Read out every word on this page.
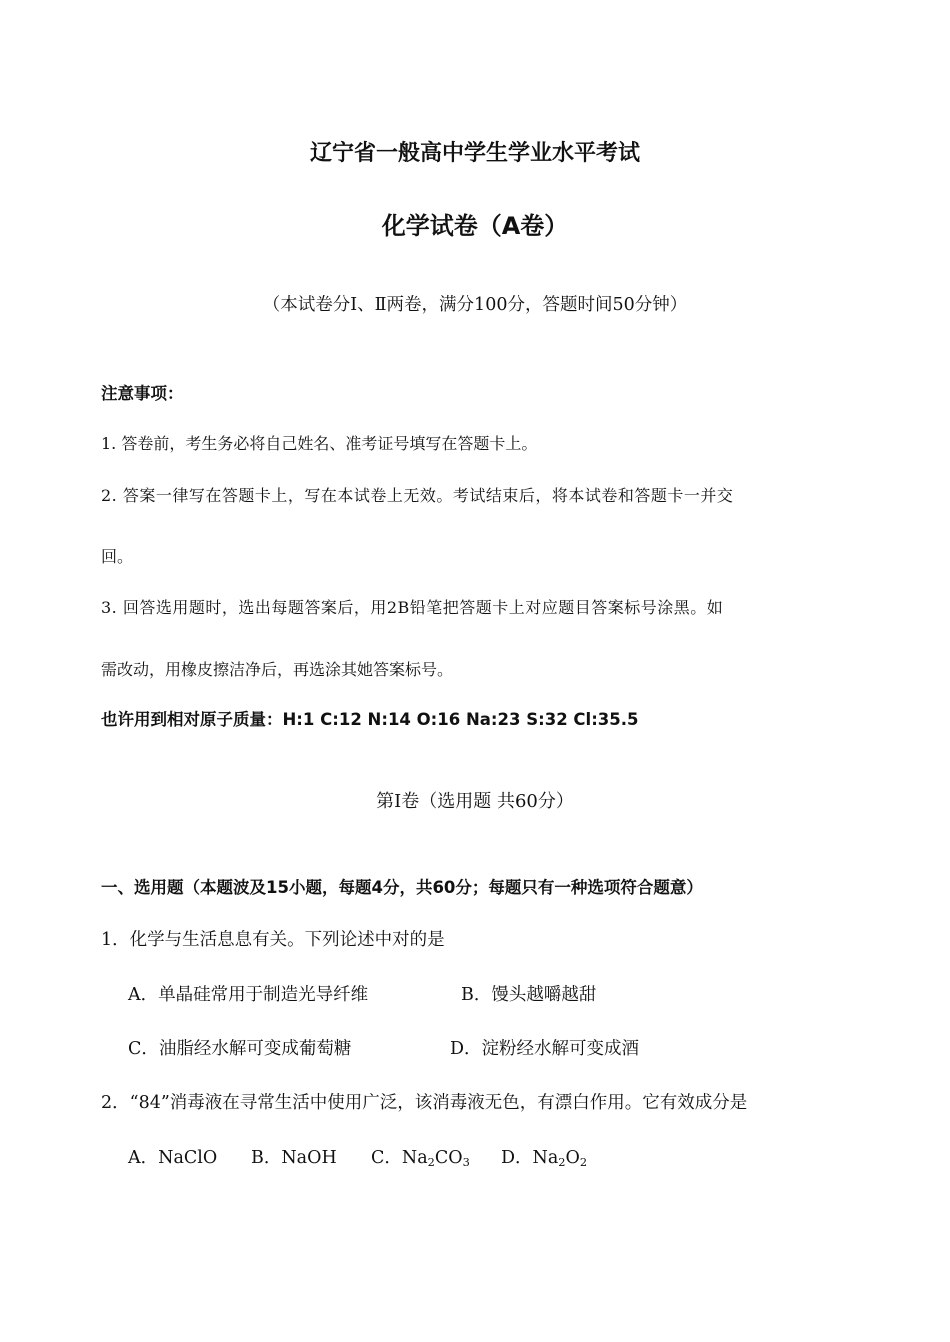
辽宁省一般高中学生学业水平考试
化学试卷（A卷）
（本试卷分Ⅰ、Ⅱ两卷，满分100分，答题时间50分钟）
注意事项：
1. 答卷前，考生务必将自己姓名、准考证号填写在答题卡上。
2. 答案一律写在答题卡上，写在本试卷上无效。考试结束后，将本试卷和答题卡一并交
回。
3. 回答选用题时，选出每题答案后，用2B铅笔把答题卡上对应题目答案标号涂黑。如
需改动，用橡皮擦洁净后，再选涂其她答案标号。
也许用到相对原子质量：H:1 C:12 N:14 O:16 Na:23 S:32 Cl:35.5
第Ⅰ卷（选用题 共60分）
一、选用题（本题波及15小题，每题4分，共60分；每题只有一种选项符合题意）
1．化学与生活息息有关。下列论述中对的是
A．单晶硅常用于制造光导纤维	B．馒头越嚼越甜
C．油脂经水解可变成葡萄糖	D．淀粉经水解可变成酒
2．“84”消毒液在寻常生活中使用广泛，该消毒液无色，有漂白作用。它有效成分是
A．NaClO B．NaOH C．$Na_2CO_3$ D．$Na_2O_2$
